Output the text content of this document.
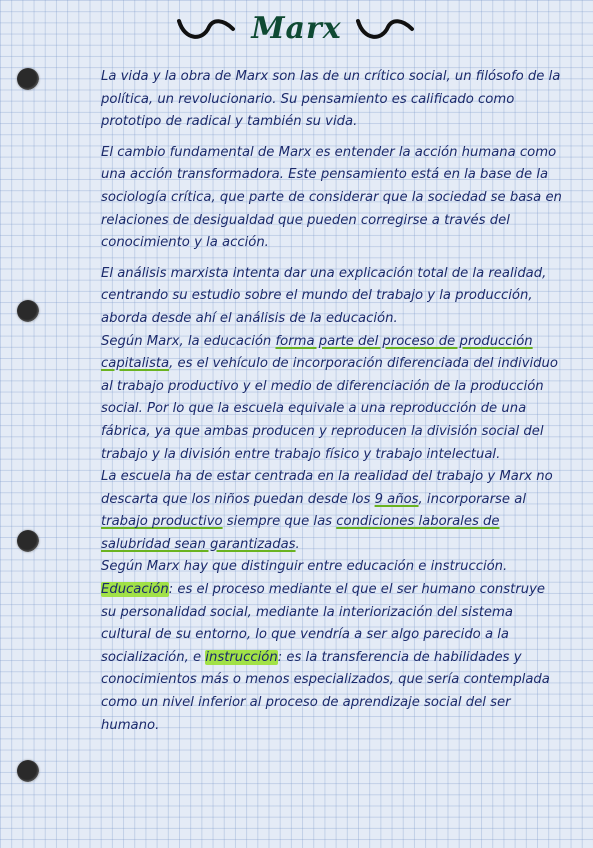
Marx

La vida y la obra de Marx son las de un crítico social, un filósofo de la política, un revolucionario. Su pensamiento es calificado como prototipo de radical y también su vida.

El cambio fundamental de Marx es entender la acción humana como una acción transformadora. Este pensamiento está en la base de la sociología crítica, que parte de considerar que la sociedad se basa en relaciones de desigualdad que pueden corregirse a través del conocimiento y la acción.

El análisis marxista intenta dar una explicación total de la realidad, centrando su estudio sobre el mundo del trabajo y la producción, aborda desde ahí el análisis de la educación.

Según Marx, la educación forma parte del proceso de producción capitalista, es el vehículo de incorporación diferenciada del individuo al trabajo productivo y el medio de diferenciación de la producción social. Por lo que la escuela equivale a una reproducción de una fábrica, ya que ambas producen y reproducen la división social del trabajo y la división entre trabajo físico y trabajo intelectual.

La escuela ha de estar centrada en la realidad del trabajo y Marx no descarta que los niños puedan desde los 9 años, incorporarse al trabajo productivo siempre que las condiciones laborales de salubridad sean garantizadas.

Según Marx hay que distinguir entre educación e instrucción.

Educación: es el proceso mediante el que el ser humano construye su personalidad social, mediante la interiorización del sistema cultural de su entorno, lo que vendría a ser algo parecido a la socialización, e instrucción: es la transferencia de habilidades y conocimientos más o menos especializados, que sería contemplada como un nivel inferior al proceso de aprendizaje social del ser humano.
